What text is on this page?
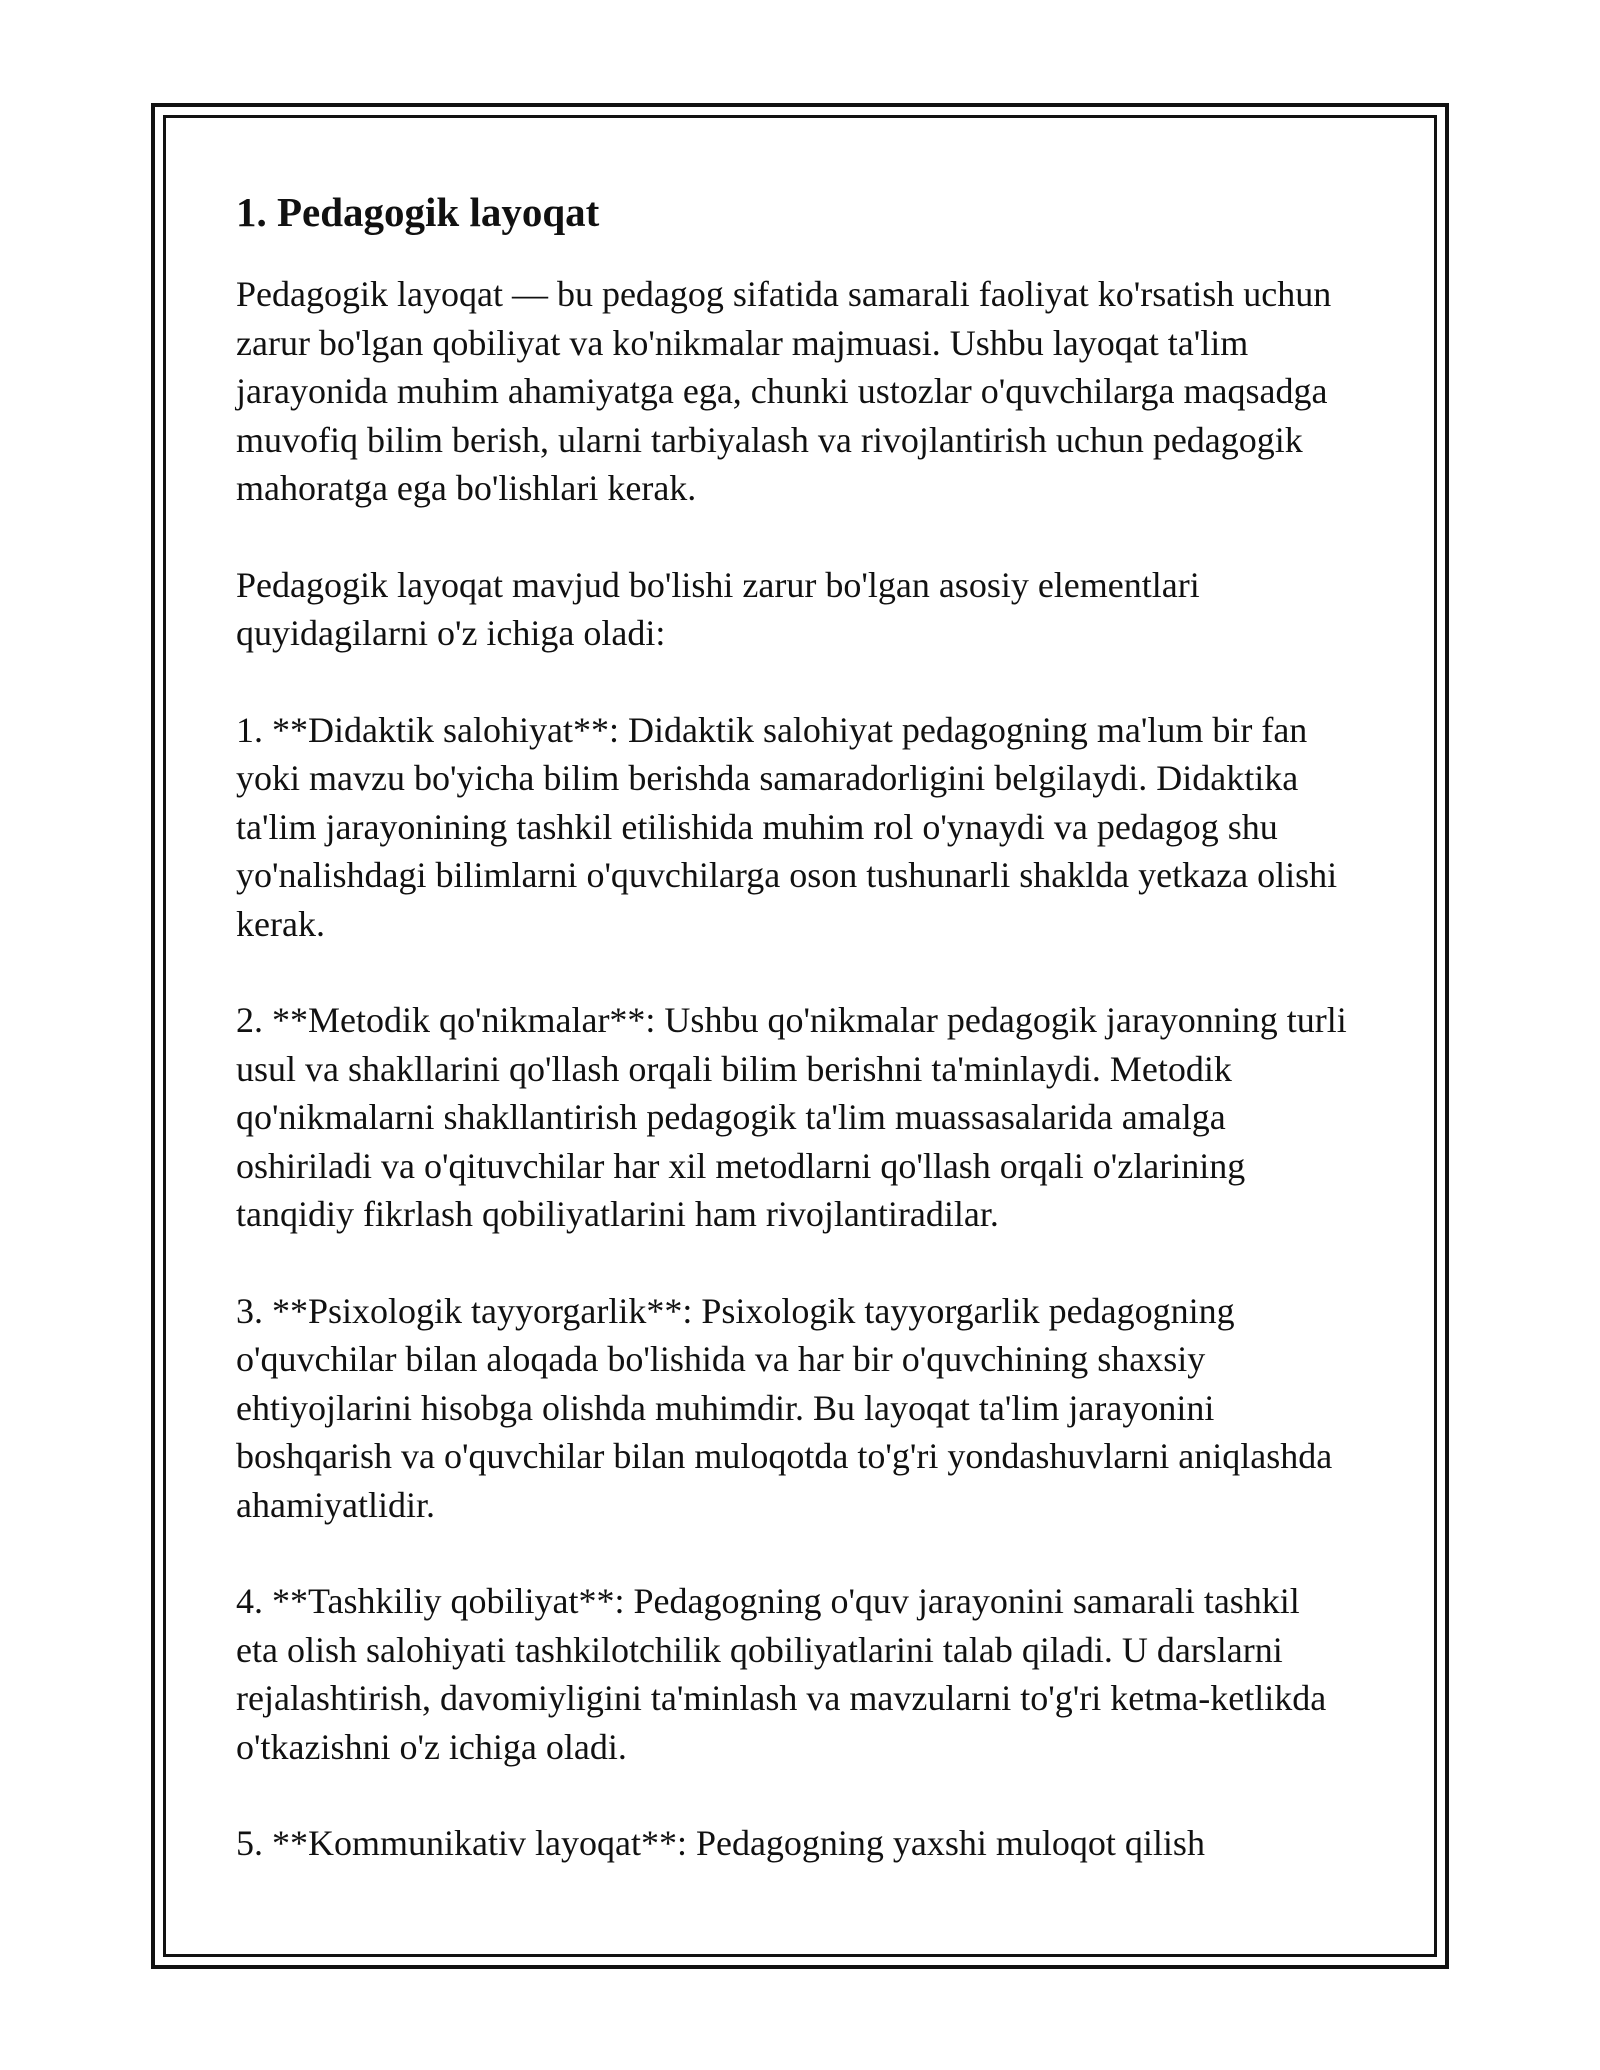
1. Pedagogik layoqat
Pedagogik layoqat — bu pedagog sifatida samarali faoliyat ko'rsatish uchun
zarur bo'lgan qobiliyat va ko'nikmalar majmuasi. Ushbu layoqat ta'lim
jarayonida muhim ahamiyatga ega, chunki ustozlar o'quvchilarga maqsadga
muvofiq bilim berish, ularni tarbiyalash va rivojlantirish uchun pedagogik
mahoratga ega bo'lishlari kerak.
Pedagogik layoqat mavjud bo'lishi zarur bo'lgan asosiy elementlari
quyidagilarni o'z ichiga oladi:
1. **Didaktik salohiyat**: Didaktik salohiyat pedagogning ma'lum bir fan
yoki mavzu bo'yicha bilim berishda samaradorligini belgilaydi. Didaktika
ta'lim jarayonining tashkil etilishida muhim rol o'ynaydi va pedagog shu
yo'nalishdagi bilimlarni o'quvchilarga oson tushunarli shaklda yetkaza olishi
kerak.
2. **Metodik qo'nikmalar**: Ushbu qo'nikmalar pedagogik jarayonning turli
usul va shakllarini qo'llash orqali bilim berishni ta'minlaydi. Metodik
qo'nikmalarni shakllantirish pedagogik ta'lim muassasalarida amalga
oshiriladi va o'qituvchilar har xil metodlarni qo'llash orqali o'zlarining
tanqidiy fikrlash qobiliyatlarini ham rivojlantiradilar.
3. **Psixologik tayyorgarlik**: Psixologik tayyorgarlik pedagogning
o'quvchilar bilan aloqada bo'lishida va har bir o'quvchining shaxsiy
ehtiyojlarini hisobga olishda muhimdir. Bu layoqat ta'lim jarayonini
boshqarish va o'quvchilar bilan muloqotda to'g'ri yondashuvlarni aniqlashda
ahamiyatlidir.
4. **Tashkiliy qobiliyat**: Pedagogning o'quv jarayonini samarali tashkil
eta olish salohiyati tashkilotchilik qobiliyatlarini talab qiladi. U darslarni
rejalashtirish, davomiyligini ta'minlash va mavzularni to'g'ri ketma-ketlikda
o'tkazishni o'z ichiga oladi.
5. **Kommunikativ layoqat**: Pedagogning yaxshi muloqot qilish
